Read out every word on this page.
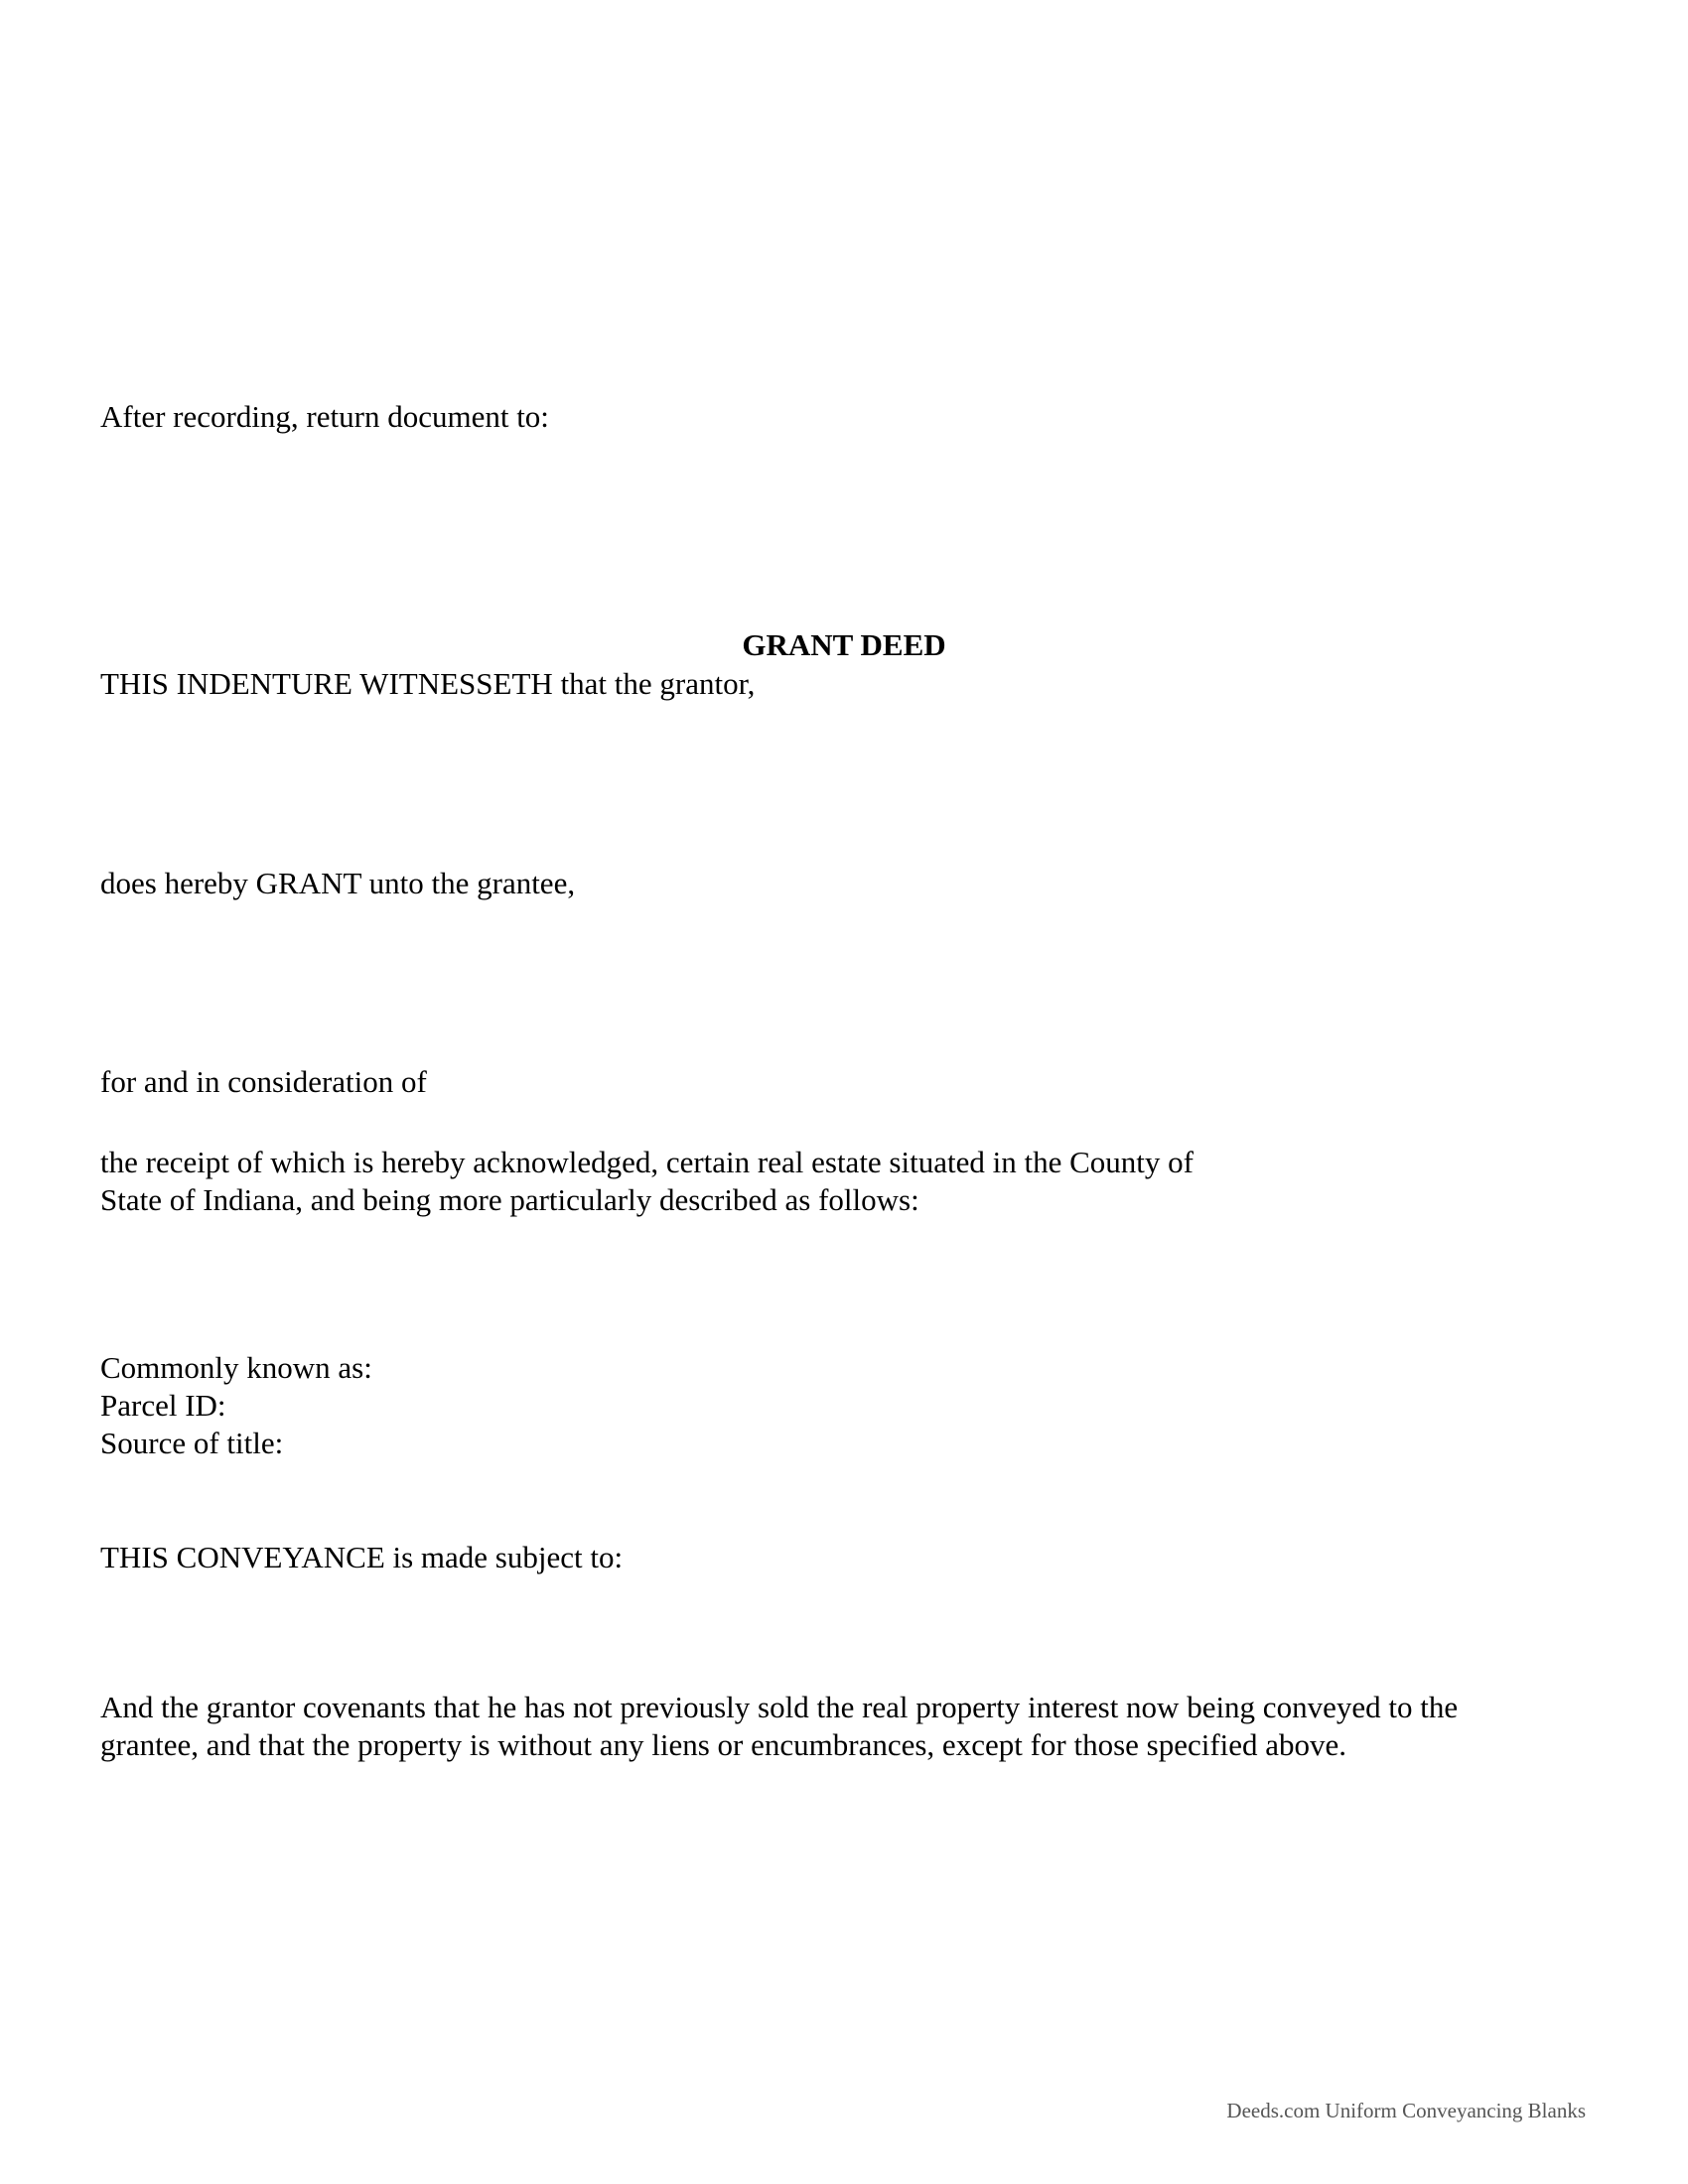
After recording, return document to:
GRANT DEED
THIS INDENTURE WITNESSETH that the grantor,
does hereby GRANT unto the grantee,
for and in consideration of
the receipt of which is hereby acknowledged, certain real estate situated in the County of
State of Indiana, and being more particularly described as follows:
Commonly known as:
Parcel ID:
Source of title:
THIS CONVEYANCE is made subject to:
And the grantor covenants that he has not previously sold the real property interest now being conveyed to the
grantee, and that the property is without any liens or encumbrances, except for those specified above.
Deeds.com Uniform Conveyancing Blanks
